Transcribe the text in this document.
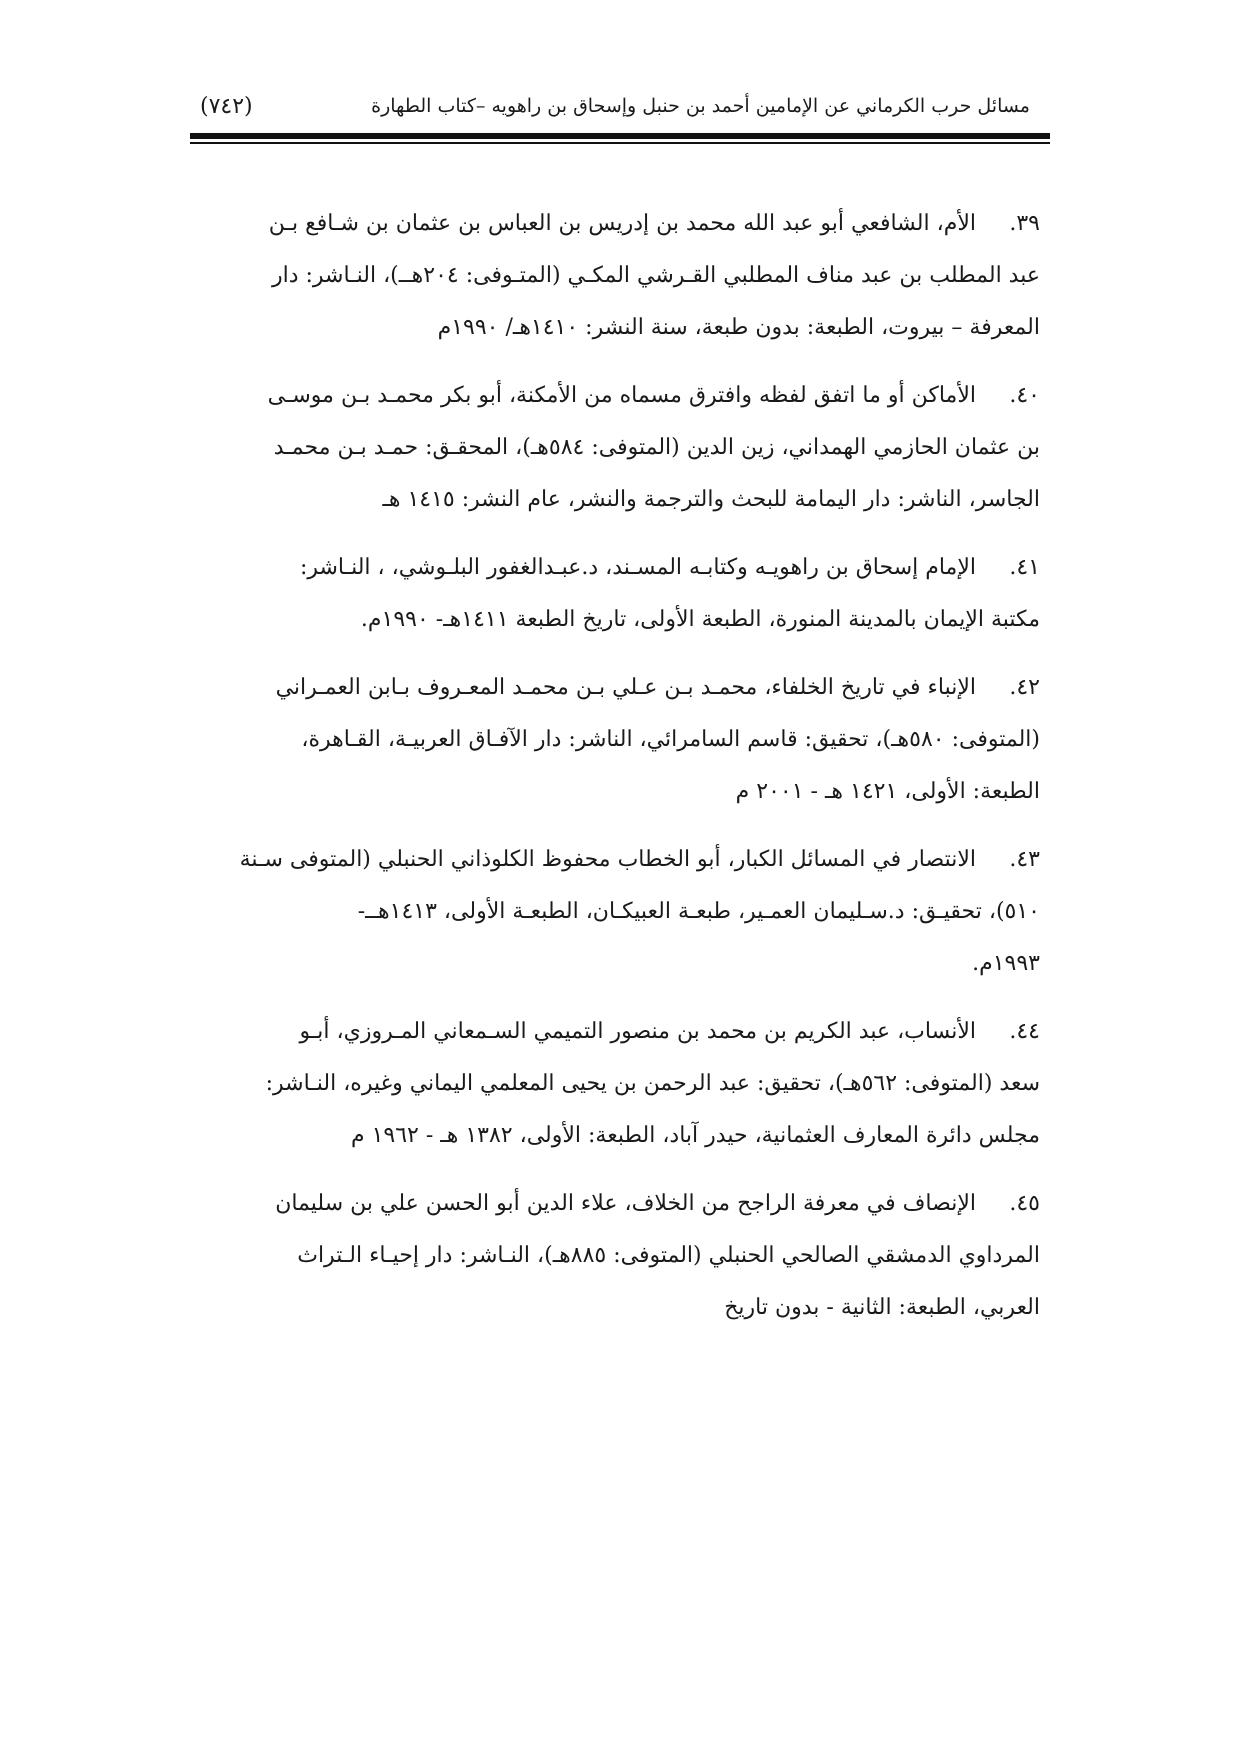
مسائل حرب الكرماني عن الإمامين أحمد بن حنبل وإسحاق بن راهويه –كتاب الطهارة
(٧٤٢)
٣٩.
الأم، الشافعي أبو عبد الله محمد بن إدريس بن العباس بن عثمان بن شـافع بـن
عبد المطلب بن عبد مناف المطلبي القـرشي المكـي (المتـوفى: ٢٠٤هــ)، النـاشر: دار
المعرفة – بيروت، الطبعة: بدون طبعة، سنة النشر: ١٤١٠هـ/ ١٩٩٠م
٤٠.
الأماكن أو ما اتفق لفظه وافترق مسماه من الأمكنة، أبو بكر محمـد بـن موسـى
بن عثمان الحازمي الهمداني، زين الدين (المتوفى: ٥٨٤هـ)، المحقـق: حمـد بـن محمـد
الجاسر، الناشر: دار اليمامة للبحث والترجمة والنشر، عام النشر: ١٤١٥ هـ
٤١.
الإمام إسحاق بن راهويـه وكتابـه المسـند، د.عبـدالغفور البلـوشي، ، النـاشر:
مكتبة الإيمان بالمدينة المنورة، الطبعة الأولى، تاريخ الطبعة ١٤١١هـ- ١٩٩٠م.
٤٢.
الإنباء في تاريخ الخلفاء، محمـد بـن عـلي بـن محمـد المعـروف بـابن العمـراني
(المتوفى: ٥٨٠هـ)، تحقيق: قاسم السامرائي، الناشر: دار الآفـاق العربيـة، القـاهرة،
الطبعة: الأولى، ١٤٢١ هـ - ٢٠٠١ م
٤٣.
الانتصار في المسائل الكبار، أبو الخطاب محفوظ الكلوذاني الحنبلي (المتوفى سـنة
٥١٠)، تحقيـق: د.سـليمان العمـير، طبعـة العبيكـان، الطبعـة الأولى، ١٤١٣هــ-
١٩٩٣م.
٤٤.
الأنساب، عبد الكريم بن محمد بن منصور التميمي السـمعاني المـروزي، أبـو
سعد (المتوفى: ٥٦٢هـ)، تحقيق: عبد الرحمن بن يحيى المعلمي اليماني وغيره، النـاشر:
مجلس دائرة المعارف العثمانية، حيدر آباد، الطبعة: الأولى، ١٣٨٢ هـ - ١٩٦٢ م
٤٥.
الإنصاف في معرفة الراجح من الخلاف، علاء الدين أبو الحسن علي بن سليمان
المرداوي الدمشقي الصالحي الحنبلي (المتوفى: ٨٨٥هـ)، النـاشر: دار إحيـاء الـتراث
العربي، الطبعة: الثانية - بدون تاريخ
